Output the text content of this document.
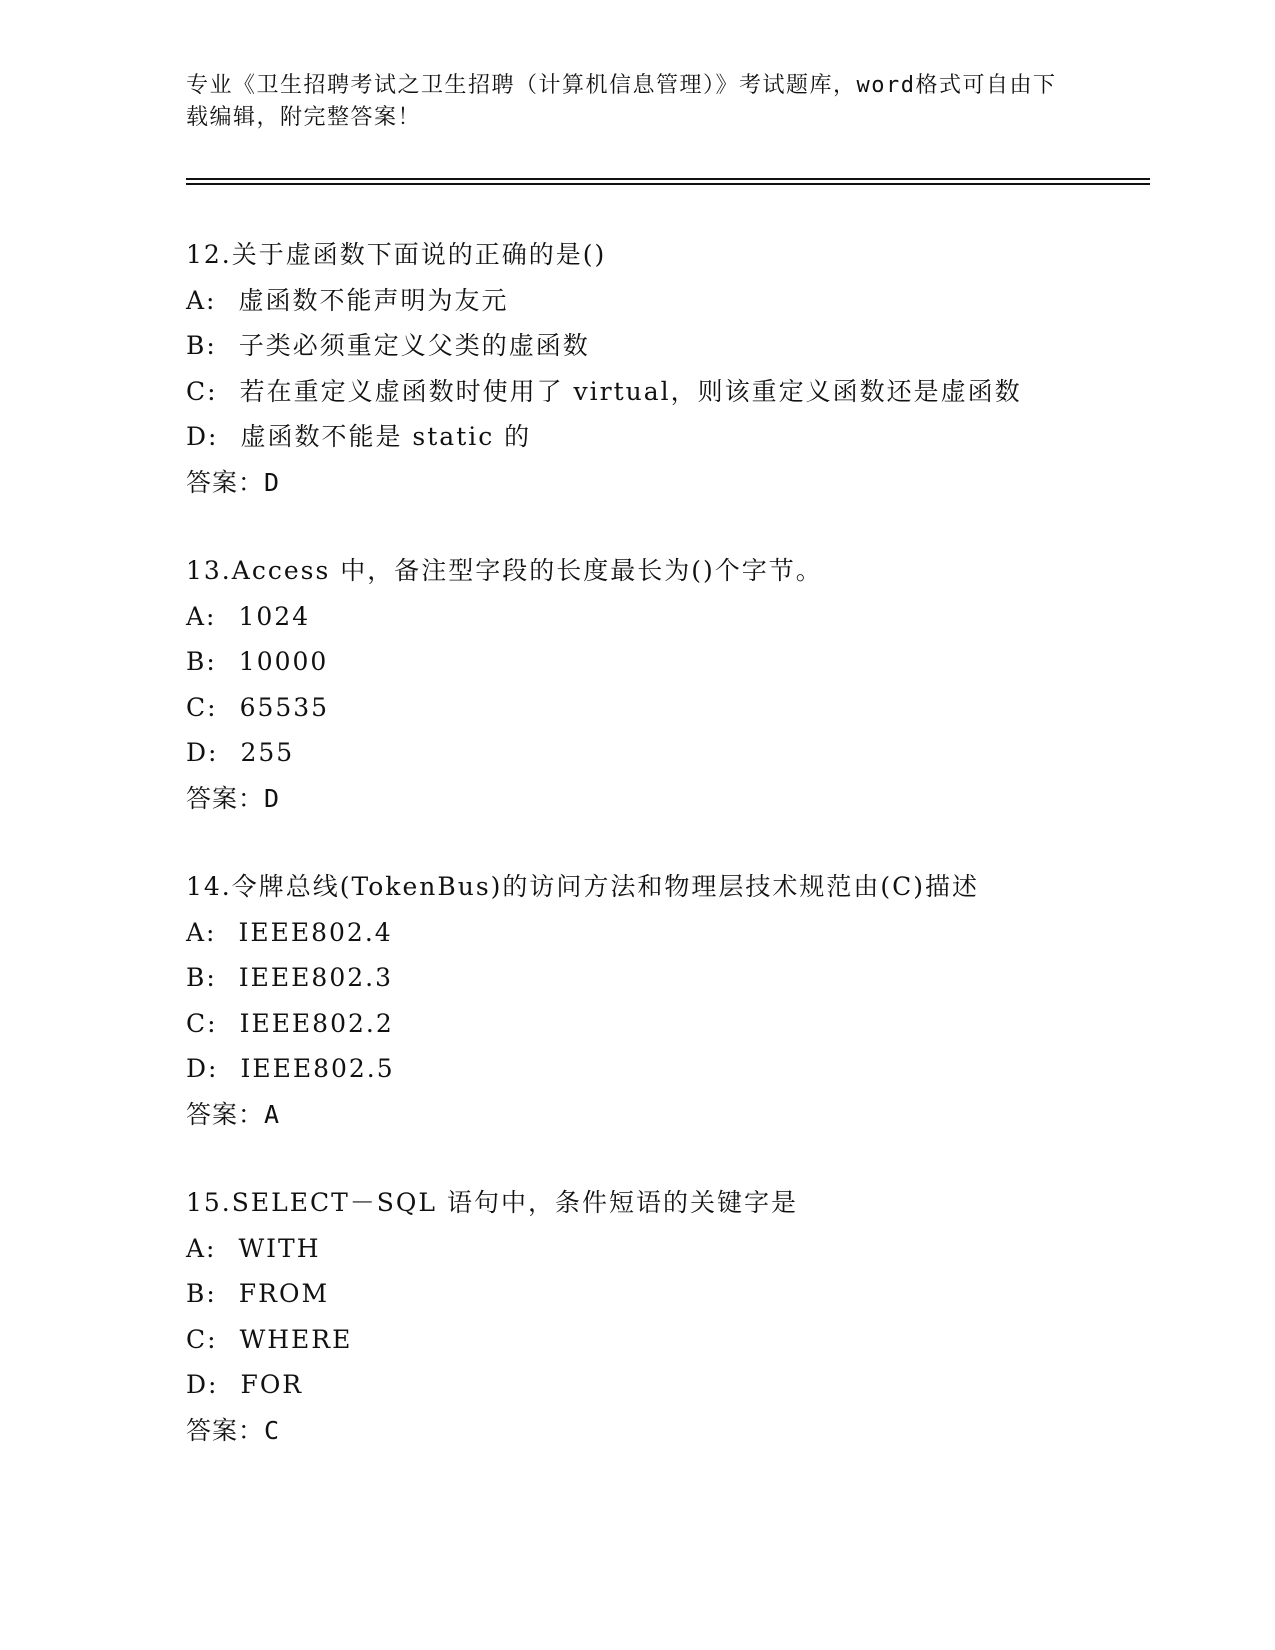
专业《卫生招聘考试之卫生招聘（计算机信息管理）》考试题库，word格式可自由下载编辑，附完整答案！
12.关于虚函数下面说的正确的是()
A: 虚函数不能声明为友元
B: 子类必须重定义父类的虚函数
C: 若在重定义虚函数时使用了 virtual，则该重定义函数还是虚函数
D: 虚函数不能是 static 的
答案：D
13.Access 中，备注型字段的长度最长为()个字节。
A: 1024
B: 10000
C: 65535
D: 255
答案：D
14.令牌总线(TokenBus)的访问方法和物理层技术规范由(C)描述
A: IEEE802.4
B: IEEE802.3
C: IEEE802.2
D: IEEE802.5
答案：A
15.SELECT－SQL 语句中，条件短语的关键字是
A: WITH
B: FROM
C: WHERE
D: FOR
答案：C
